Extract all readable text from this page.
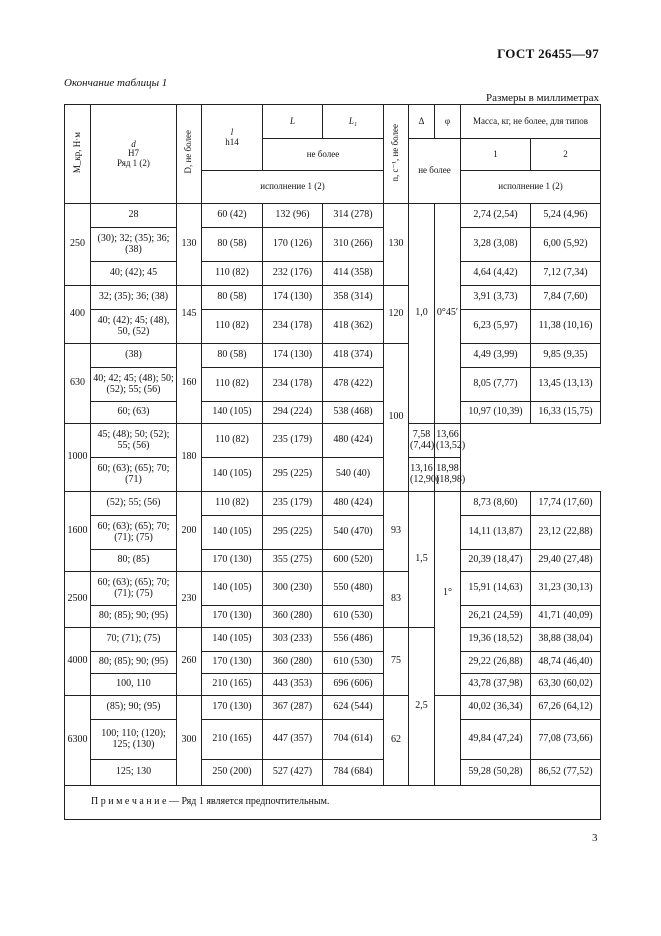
ГОСТ 26455—97
Окончание таблицы 1
Размеры в миллиметрах
M_кр, Н·м	d
H7
Ряд 1 (2)	D, не более	l
h14	L	L₁	n, с⁻¹, не более	Δ	φ	Масса, кг, не более, для типов	
				не более			не более		1	2
			исполнение 1 (2)						исполнение 1 (2)	
250	28	130	60 (42)	132 (96)	314 (278)	130	1,0	0°45′	2,74 (2,54)	5,24 (4,96)
	(30); 32; (35); 36; (38)		80 (58)	170 (126)	310 (266)				3,28 (3,08)	6,00 (5,92)
	40; (42); 45		110 (82)	232 (176)	414 (358)				4,64 (4,42)	7,12 (7,34)
400	32; (35); 36; (38)	145	80 (58)	174 (130)	358 (314)	120			3,91 (3,73)	7,84 (7,60)
	40; (42); 45; (48), 50, (52)		110 (82)	234 (178)	418 (362)				6,23 (5,97)	11,38 (10,16)
630	(38)	160	80 (58)	174 (130)	418 (374)	100			4,49 (3,99)	9,85 (9,35)
	40; 42; 45; (48); 50; (52); 55; (56)		110 (82)	234 (178)	478 (422)				8,05 (7,77)	13,45 (13,13)
	60; (63)		140 (105)	294 (224)	538 (468)				10,97 (10,39)	16,33 (15,75)
1000	45; (48); 50; (52); 55; (56)	180	110 (82)	235 (179)	480 (424)		7,58 (7,44)	13,66 (13,52)		
	60; (63); (65); 70; (71)		140 (105)	295 (225)	540 (40)		13,16 (12,90)	18,98 (18,98)		
1600	(52); 55; (56)	200	110 (82)	235 (179)	480 (424)	93	1,5	1°	8,73 (8,60)	17,74 (17,60)
	60; (63); (65); 70; (71); (75)		140 (105)	295 (225)	540 (470)				14,11 (13,87)	23,12 (22,88)
	80; (85)		170 (130)	355 (275)	600 (520)				20,39 (18,47)	29,40 (27,48)
2500	60; (63); (65); 70; (71); (75)	230	140 (105)	300 (230)	550 (480)	83			15,91 (14,63)	31,23 (30,13)
	80; (85); 90; (95)		170 (130)	360 (280)	610 (530)				26,21 (24,59)	41,71 (40,09)
4000	70; (71); (75)	260	140 (105)	303 (233)	556 (486)	75	2,5		19,36 (18,52)	38,88 (38,04)
	80; (85); 90; (95)		170 (130)	360 (280)	610 (530)				29,22 (26,88)	48,74 (46,40)
	100, 110		210 (165)	443 (353)	696 (606)				43,78 (37,98)	63,30 (60,02)
6300	(85); 90; (95)	300	170 (130)	367 (287)	624 (544)	62			40,02 (36,34)	67,26 (64,12)
	100; 110; (120); 125; (130)		210 (165)	447 (357)	704 (614)				49,84 (47,24)	77,08 (73,66)
	125; 130		250 (200)	527 (427)	784 (684)				59,28 (50,28)	86,52 (77,52)
П р и м е ч а н и е — Ряд 1 является предпочтительным.										
3
